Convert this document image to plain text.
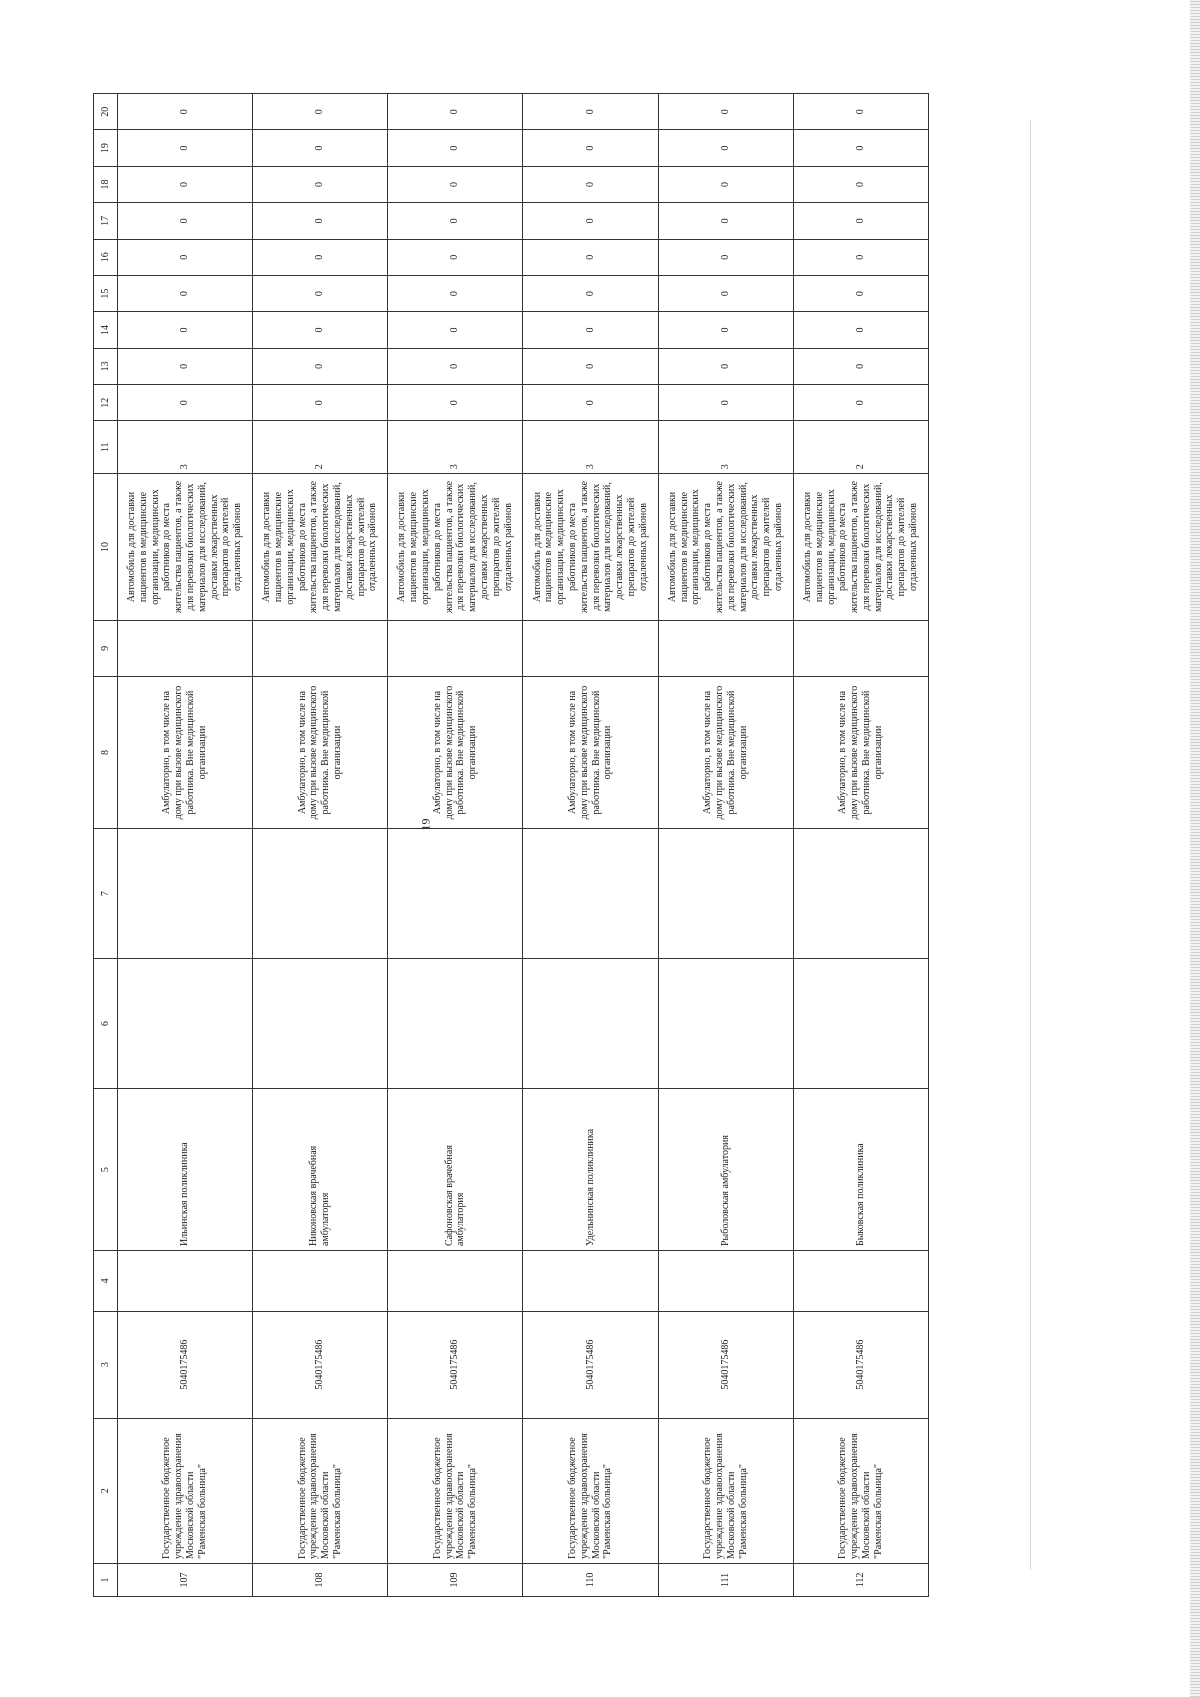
19
1	2	3	4	5	6	7	8	9	10	11	12	13	14	15	16	17	18	19	20
107	Государственное бюджетное учреждение здравоохранения Московской области "Раменская больница"	5040175486		Ильинская поликлиника			Амбулаторно, в том числе на дому при вызове медицинского работника. Вне медицинской организации		Автомобиль для доставки пациентов в медицинские организации, медицинских работников до места жительства пациентов, а также для перевозки биологических материалов для исследований, доставки лекарственных препаратов до жителей отдаленных районов	3	0	0	0	0	0	0	0	0	0
108	Государственное бюджетное учреждение здравоохранения Московской области "Раменская больница"	5040175486		Никоновская врачебная амбулатория			Амбулаторно, в том числе на дому при вызове медицинского работника. Вне медицинской организации		Автомобиль для доставки пациентов в медицинские организации, медицинских работников до места жительства пациентов, а также для перевозки биологических материалов для исследований, доставки лекарственных препаратов до жителей отдаленных районов	2	0	0	0	0	0	0	0	0	0
109	Государственное бюджетное учреждение здравоохранения Московской области "Раменская больница"	5040175486		Сафоновская врачебная амбулатория			Амбулаторно, в том числе на дому при вызове медицинского работника. Вне медицинской организации		Автомобиль для доставки пациентов в медицинские организации, медицинских работников до места жительства пациентов, а также для перевозки биологических материалов для исследований, доставки лекарственных препаратов до жителей отдаленных районов	3	0	0	0	0	0	0	0	0	0
110	Государственное бюджетное учреждение здравоохранения Московской области "Раменская больница"	5040175486		Удельнинская поликлиника			Амбулаторно, в том числе на дому при вызове медицинского работника. Вне медицинской организации		Автомобиль для доставки пациентов в медицинские организации, медицинских работников до места жительства пациентов, а также для перевозки биологических материалов для исследований, доставки лекарственных препаратов до жителей отдаленных районов	3	0	0	0	0	0	0	0	0	0
111	Государственное бюджетное учреждение здравоохранения Московской области "Раменская больница"	5040175486		Рыболовская амбулатория			Амбулаторно, в том числе на дому при вызове медицинского работника. Вне медицинской организации		Автомобиль для доставки пациентов в медицинские организации, медицинских работников до места жительства пациентов, а также для перевозки биологических материалов для исследований, доставки лекарственных препаратов до жителей отдаленных районов	3	0	0	0	0	0	0	0	0	0
112	Государственное бюджетное учреждение здравоохранения Московской области "Раменская больница"	5040175486		Быковская поликлиника			Амбулаторно, в том числе на дому при вызове медицинского работника. Вне медицинской организации		Автомобиль для доставки пациентов в медицинские организации, медицинских работников до места жительства пациентов, а также для перевозки биологических материалов для исследований, доставки лекарственных препаратов до жителей отдаленных районов	2	0	0	0	0	0	0	0	0	0
